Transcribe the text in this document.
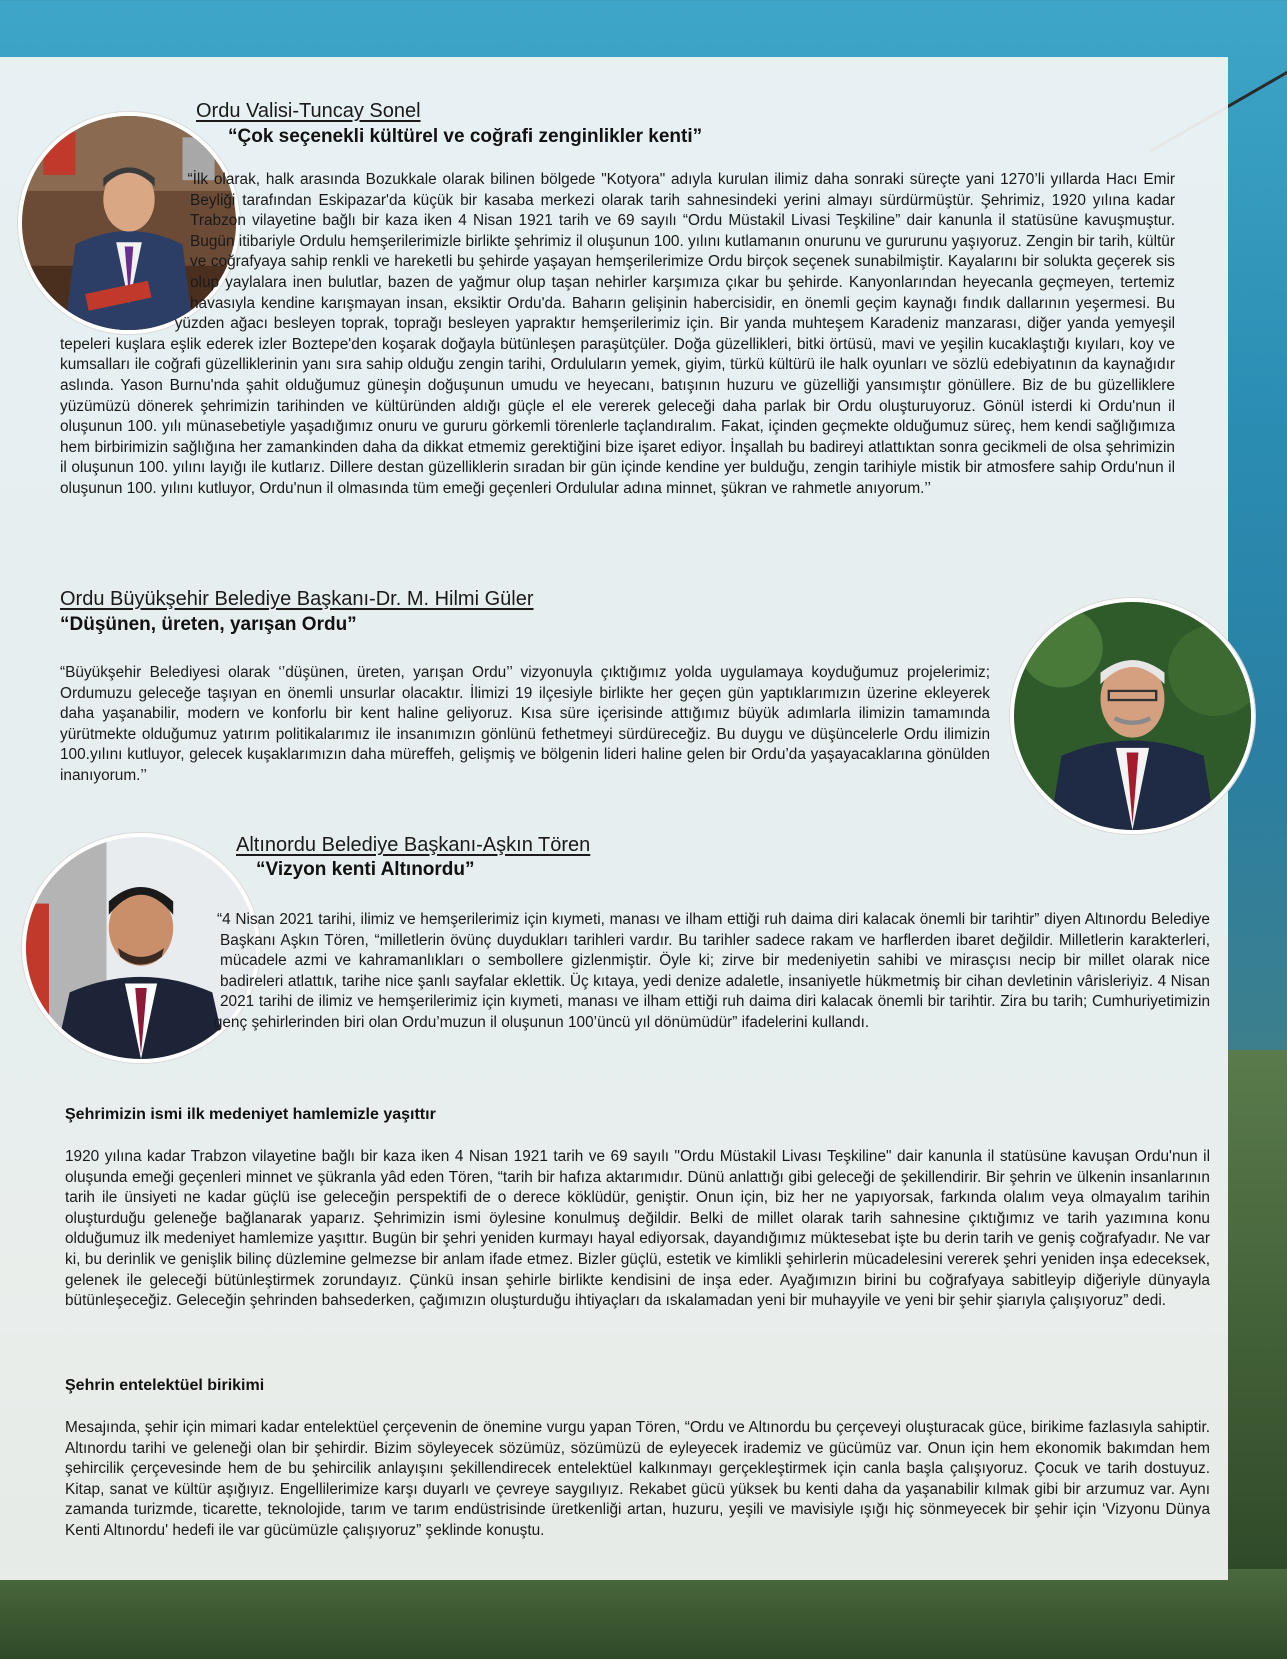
Ordu Valisi-Tuncay Sonel
“Çok seçenekli kültürel ve coğrafi zenginlikler kenti”

“İlk olarak, halk arasında Bozukkale olarak bilinen bölgede "Kotyora" adıyla kurulan ilimiz daha sonraki süreçte yani 1270’li yıllarda Hacı Emir Beyliği tarafından Eskipazar'da küçük bir kasaba merkezi olarak tarih sahnesindeki yerini almayı sürdürmüştür. Şehrimiz, 1920 yılına kadar Trabzon vilayetine bağlı bir kaza iken 4 Nisan 1921 tarih ve 69 sayılı “Ordu Müstakil Livasi Teşkiline” dair kanunla il statüsüne kavuşmuştur. Bugün itibariyle Ordulu hemşerilerimizle birlikte şehrimiz il oluşunun 100. yılını kutlamanın onurunu ve gururunu yaşıyoruz. Zengin bir tarih, kültür ve coğrafyaya sahip renkli ve hareketli bu şehirde yaşayan hemşerilerimize Ordu birçok seçenek sunabilmiştir. Kayalarını bir solukta geçerek sis olup yaylalara inen bulutlar, bazen de yağmur olup taşan nehirler karşımıza çıkar bu şehirde. Kanyonlarından heyecanla geçmeyen, tertemiz havasıyla kendine karışmayan insan, eksiktir Ordu'da. Baharın gelişinin habercisidir, en önemli geçim kaynağı fındık dallarının yeşermesi. Bu yüzden ağacı besleyen toprak, toprağı besleyen yapraktır hemşerilerimiz için. Bir yanda muhteşem Karadeniz manzarası, diğer yanda yemyeşil tepeleri kuşlara eşlik ederek izler Boztepe'den koşarak doğayla bütünleşen paraşütçüler. Doğa güzellikleri, bitki örtüsü, mavi ve yeşilin kucaklaştığı kıyıları, koy ve kumsalları ile coğrafi güzelliklerinin yanı sıra sahip olduğu zengin tarihi, Orduluların yemek, giyim, türkü kültürü ile halk oyunları ve sözlü edebiyatının da kaynağıdır aslında. Yason Burnu'nda şahit olduğumuz güneşin doğuşunun umudu ve heyecanı, batışının huzuru ve güzelliği yansımıştır gönüllere. Biz de bu güzelliklere yüzümüzü dönerek şehrimizin tarihinden ve kültüründen aldığı güçle el ele vererek geleceği daha parlak bir Ordu oluşturuyoruz. Gönül isterdi ki Ordu'nun il oluşunun 100. yılı münasebetiyle yaşadığımız onuru ve gururu görkemli törenlerle taçlandıralım. Fakat, içinden geçmekte olduğumuz süreç, hem kendi sağlığımıza hem birbirimizin sağlığına her zamankinden daha da dikkat etmemiz gerektiğini bize işaret ediyor. İnşallah bu badireyi atlattıktan sonra gecikmeli de olsa şehrimizin il oluşunun 100. yılını layığı ile kutlarız. Dillere destan güzelliklerin sıradan bir gün içinde kendine yer bulduğu, zengin tarihiyle mistik bir atmosfere sahip Ordu'nun il oluşunun 100. yılını kutluyor, Ordu'nun il olmasında tüm emeği geçenleri Ordulular adına minnet, şükran ve rahmetle anıyorum.’’

Ordu Büyükşehir Belediye Başkanı-Dr. M. Hilmi Güler
“Düşünen, üreten, yarışan Ordu”

“Büyükşehir Belediyesi olarak ‘’düşünen, üreten, yarışan Ordu’’ vizyonuyla çıktığımız yolda uygulamaya koyduğumuz projelerimiz; Ordumuzu geleceğe taşıyan en önemli unsurlar olacaktır. İlimizi 19 ilçesiyle birlikte her geçen gün yaptıklarımızın üzerine ekleyerek daha yaşanabilir, modern ve konforlu bir kent haline geliyoruz. Kısa süre içerisinde attığımız büyük adımlarla ilimizin tamamında yürütmekte olduğumuz yatırım politikalarımız ile insanımızın gönlünü fethetmeyi sürdüreceğiz. Bu duygu ve düşüncelerle Ordu ilimizin 100.yılını kutluyor, gelecek kuşaklarımızın daha müreffeh, gelişmiş ve bölgenin lideri haline gelen bir Ordu’da yaşayacaklarına gönülden inanıyorum.’’

Altınordu Belediye Başkanı-Aşkın Tören
“Vizyon kenti Altınordu”

“4 Nisan 2021 tarihi, ilimiz ve hemşerilerimiz için kıymeti, manası ve ilham ettiği ruh daima diri kalacak önemli bir tarihtir” diyen Altınordu Belediye Başkanı Aşkın Tören, “milletlerin övünç duydukları tarihleri vardır. Bu tarihler sadece rakam ve harflerden ibaret değildir. Milletlerin karakterleri, mücadele azmi ve kahramanlıkları o sembollere gizlenmiştir. Öyle ki; zirve bir medeniyetin sahibi ve mirasçısı necip bir millet olarak nice badireleri atlattık, tarihe nice şanlı sayfalar eklettik. Üç kıtaya, yedi denize adaletle, insaniyetle hükmetmiş bir cihan devletinin vârisleriyiz. 4 Nisan 2021 tarihi de ilimiz ve hemşerilerimiz için kıymeti, manası ve ilham ettiği ruh daima diri kalacak önemli bir tarihtir. Zira bu tarih; Cumhuriyetimizin genç şehirlerinden biri olan Ordu’muzun il oluşunun 100’üncü yıl dönümüdür” ifadelerini kullandı.

Şehrimizin ismi ilk medeniyet hamlemizle yaşıttır

1920 yılına kadar Trabzon vilayetine bağlı bir kaza iken 4 Nisan 1921 tarih ve 69 sayılı "Ordu Müstakil Livası Teşkiline" dair kanunla il statüsüne kavuşan Ordu'nun il oluşunda emeği geçenleri minnet ve şükranla yâd eden Tören, “tarih bir hafıza aktarımıdır. Dünü anlattığı gibi geleceği de şekillendirir. Bir şehrin ve ülkenin insanlarının tarih ile ünsiyeti ne kadar güçlü ise geleceğin perspektifi de o derece köklüdür, geniştir. Onun için, biz her ne yapıyorsak, farkında olalım veya olmayalım tarihin oluşturduğu geleneğe bağlanarak yaparız. Şehrimizin ismi öylesine konulmuş değildir. Belki de millet olarak tarih sahnesine çıktığımız ve tarih yazımına konu olduğumuz ilk medeniyet hamlemize yaşıttır. Bugün bir şehri yeniden kurmayı hayal ediyorsak, dayandığımız müktesebat işte bu derin tarih ve geniş coğrafyadır. Ne var ki, bu derinlik ve genişlik bilinç düzlemine gelmezse bir anlam ifade etmez. Bizler güçlü, estetik ve kimlikli şehirlerin mücadelesini vererek şehri yeniden inşa edeceksek, gelenek ile geleceği bütünleştirmek zorundayız. Çünkü insan şehirle birlikte kendisini de inşa eder. Ayağımızın birini bu coğrafyaya sabitleyip diğeriyle dünyayla bütünleşeceğiz. Geleceğin şehrinden bahsederken, çağımızın oluşturduğu ihtiyaçları da ıskalamadan yeni bir muhayyile ve yeni bir şehir şiarıyla çalışıyoruz” dedi.

Şehrin entelektüel birikimi

Mesajında, şehir için mimari kadar entelektüel çerçevenin de önemine vurgu yapan Tören, “Ordu ve Altınordu bu çerçeveyi oluşturacak güce, birikime fazlasıyla sahiptir. Altınordu tarihi ve geleneği olan bir şehirdir. Bizim söyleyecek sözümüz, sözümüzü de eyleyecek irademiz ve gücümüz var. Onun için hem ekonomik bakımdan hem şehircilik çerçevesinde hem de bu şehircilik anlayışını şekillendirecek entelektüel kalkınmayı gerçekleştirmek için canla başla çalışıyoruz. Çocuk ve tarih dostuyuz. Kitap, sanat ve kültür aşığıyız. Engellilerimize karşı duyarlı ve çevreye saygılıyız. Rekabet gücü yüksek bu kenti daha da yaşanabilir kılmak gibi bir arzumuz var. Aynı zamanda turizmde, ticarette, teknolojide, tarım ve tarım endüstrisinde üretkenliği artan, huzuru, yeşili ve mavisiyle ışığı hiç sönmeyecek bir şehir için ‘Vizyonu Dünya Kenti Altınordu' hedefi ile var gücümüzle çalışıyoruz” şeklinde konuştu.
